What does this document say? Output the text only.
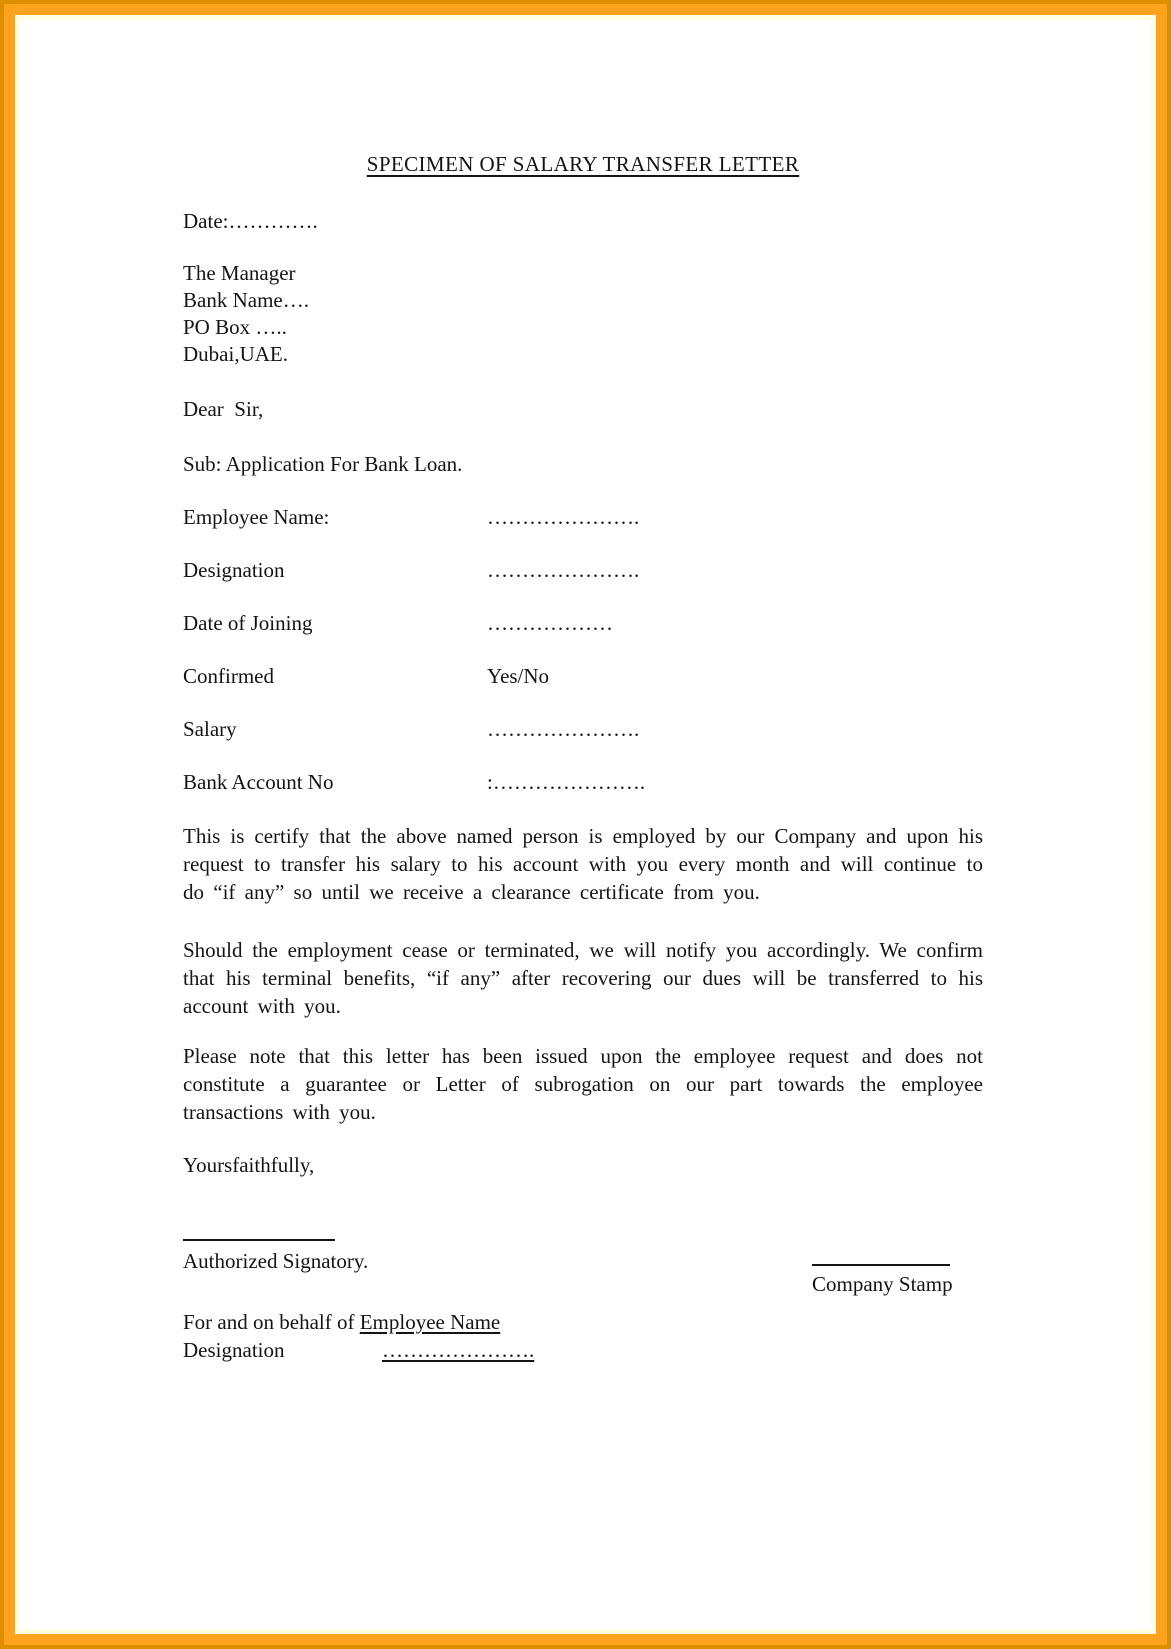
SPECIMEN OF SALARY TRANSFER LETTER
Date:………….
The Manager
Bank Name….
PO Box …..
Dubai,UAE.
Dear  Sir,
Sub: Application For Bank Loan.
Employee Name:	………………….
Designation	………………….
Date of Joining	………………
Confirmed	Yes/No
Salary	………………….
Bank Account No	:………………….
This is certify that the above named person is employed by our Company and upon his request to transfer his salary to his account with you every month and will continue to do “if any” so until we receive a clearance certificate from you.
Should the employment cease or terminated, we will notify you accordingly. We confirm that his terminal benefits, “if any” after recovering our dues will be transferred to his account with you.
Please note that this letter has been issued upon the employee request and does not constitute a guarantee or Letter of subrogation on our part towards the employee transactions with you.
Yoursfaithfully,
Authorized Signatory.
Company Stamp
For and on behalf of Employee Name
Designation	………………….
